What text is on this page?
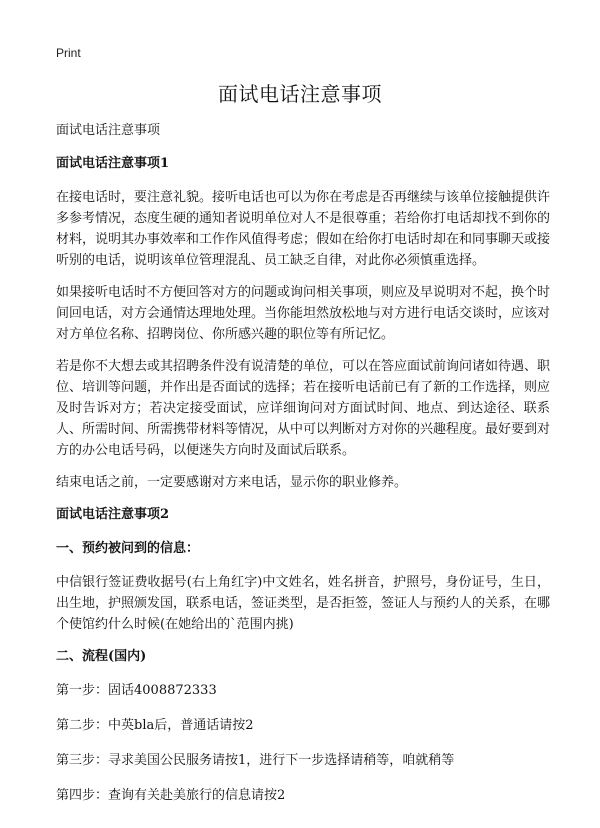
Print
面试电话注意事项

面试电话注意事项

面试电话注意事项1

在接电话时，要注意礼貌。接听电话也可以为你在考虑是否再继续与该单位接触提供许多参考情况，态度生硬的通知者说明单位对人不是很尊重；若给你打电话却找不到你的材料，说明其办事效率和工作作风值得考虑；假如在给你打电话时却在和同事聊天或接听别的电话，说明该单位管理混乱、员工缺乏自律，对此你必须慎重选择。

如果接听电话时不方便回答对方的问题或询问相关事项，则应及早说明对不起，换个时间回电话，对方会通情达理地处理。当你能坦然放松地与对方进行电话交谈时，应该对对方单位名称、招聘岗位、你所感兴趣的职位等有所记忆。

若是你不大想去或其招聘条件没有说清楚的单位，可以在答应面试前询问诸如待遇、职位、培训等问题，并作出是否面试的选择；若在接听电话前已有了新的工作选择，则应及时告诉对方；若决定接受面试，应详细询问对方面试时间、地点、到达途径、联系人、所需时间、所需携带材料等情况，从中可以判断对方对你的兴趣程度。最好要到对方的办公电话号码，以便迷失方向时及面试后联系。

结束电话之前，一定要感谢对方来电话，显示你的职业修养。

面试电话注意事项2

一、预约被问到的信息：

中信银行签证费收据号(右上角红字)中文姓名，姓名拼音，护照号，身份证号，生日，出生地，护照颁发国，联系电话，签证类型，是否拒签，签证人与预约人的关系，在哪个使馆约什么时候(在她给出的`范围内挑)

二、流程(国内)

第一步：固话4008872333

第二步：中英bla后，普通话请按2

第三步：寻求美国公民服务请按1，进行下一步选择请稍等，咱就稍等

第四步：查询有关赴美旅行的信息请按2
